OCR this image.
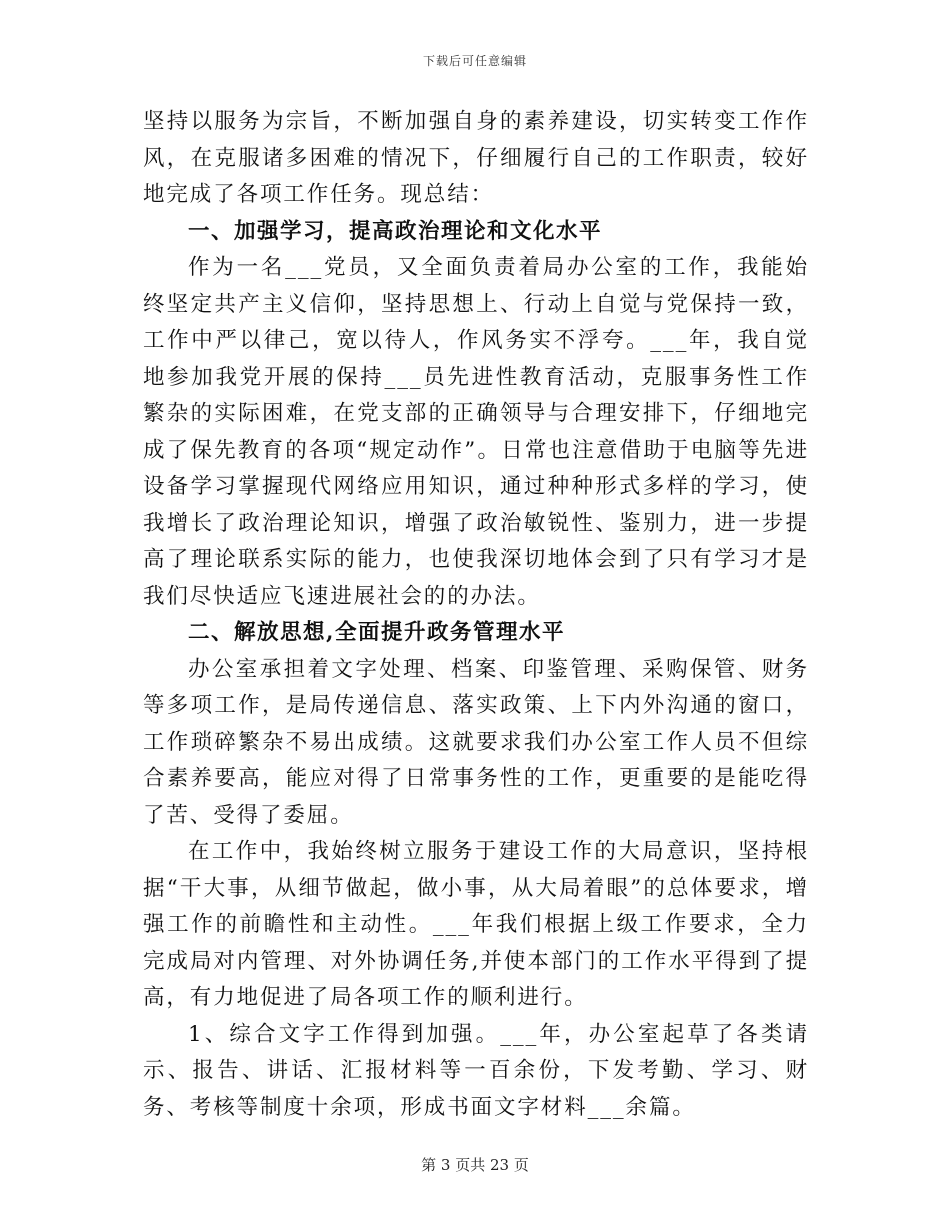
下载后可任意编辑

坚持以服务为宗旨，不断加强自身的素养建设，切实转变工作作风，在克服诸多困难的情况下，仔细履行自己的工作职责，较好地完成了各项工作任务。现总结：

一、加强学习，提高政治理论和文化水平

作为一名___党员，又全面负责着局办公室的工作，我能始终坚定共产主义信仰，坚持思想上、行动上自觉与党保持一致，工作中严以律己，宽以待人，作风务实不浮夸。___年，我自觉地参加我党开展的保持___员先进性教育活动，克服事务性工作繁杂的实际困难，在党支部的正确领导与合理安排下，仔细地完成了保先教育的各项“规定动作”。日常也注意借助于电脑等先进设备学习掌握现代网络应用知识，通过种种形式多样的学习，使我增长了政治理论知识，增强了政治敏锐性、鉴别力，进一步提高了理论联系实际的能力，也使我深切地体会到了只有学习才是我们尽快适应飞速进展社会的的办法。

二、解放思想,全面提升政务管理水平

办公室承担着文字处理、档案、印鉴管理、采购保管、财务等多项工作，是局传递信息、落实政策、上下内外沟通的窗口，工作琐碎繁杂不易出成绩。这就要求我们办公室工作人员不但综合素养要高，能应对得了日常事务性的工作，更重要的是能吃得了苦、受得了委屈。

在工作中，我始终树立服务于建设工作的大局意识，坚持根据“干大事，从细节做起，做小事，从大局着眼”的总体要求，增强工作的前瞻性和主动性。___年我们根据上级工作要求，全力完成局对内管理、对外协调任务,并使本部门的工作水平得到了提高，有力地促进了局各项工作的顺利进行。

1、综合文字工作得到加强。___年，办公室起草了各类请示、报告、讲话、汇报材料等一百余份，下发考勤、学习、财务、考核等制度十余项，形成书面文字材料___余篇。

第 3 页共 23 页
